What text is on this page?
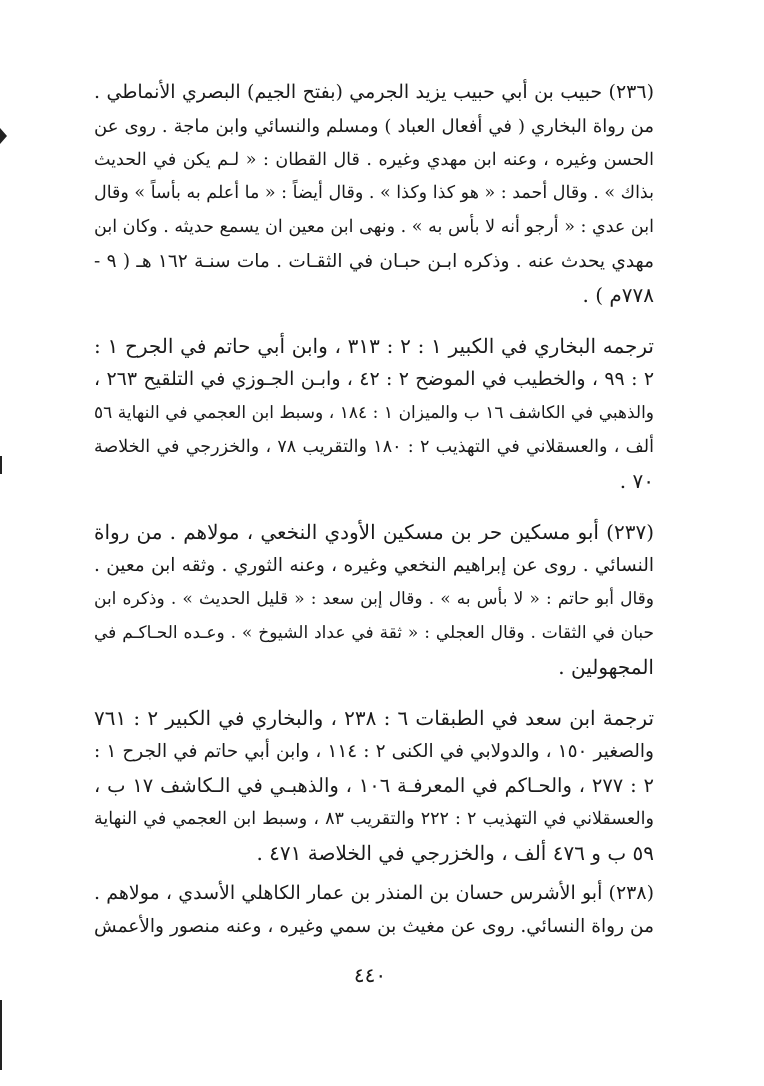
(٢٣٦) حبيب بن أبي حبيب يزيد الجرمي (بفتح الجيم) البصري الأنماطي .
من رواة البخاري ( في أفعال العباد ) ومسلم والنسائي وابن ماجة . روى عن
الحسن وغيره ، وعنه ابن مهدي وغيره . قال القطان : « لـم يكن في الحديث
بذاك » . وقال أحمد : « هو كذا وكذا » . وقال أيضاً : « ما أعلم به بأساً » وقال
ابن عدي : « أرجو أنه لا بأس به » . ونهى ابن معين ان يسمع حديثه . وكان ابن
مهدي يحدث عنه . وذكره ابـن حبـان في الثقـات . مات سنـة ١٦٢ هـ ( ٩ -
٧٧٨م ) .
ترجمه البخاري في الكبير ١ : ٢ : ٣١٣ ، وابن أبي حاتم في الجرح ١ :
٢ : ٩٩ ، والخطيب في الموضح ٢ : ٤٢ ، وابـن الجـوزي في التلقيح ٢٦٣ ،
والذهبي في الكاشف ١٦ ب والميزان ١ : ١٨٤ ، وسبط ابن العجمي في النهاية ٥٦
ألف ، والعسقلاني في التهذيب ٢ : ١٨٠ والتقريب ٧٨ ، والخزرجي في الخلاصة
٧٠ .
(٢٣٧) أبو مسكين حر بن مسكين الأودي النخعي ، مولاهم . من رواة
النسائي . روى عن إبراهيم النخعي وغيره ، وعنه الثوري . وثقه ابن معين .
وقال أبو حاتم : « لا بأس به » . وقال إبن سعد : « قليل الحديث » . وذكره ابن
حبان في الثقات . وقال العجلي : « ثقة في عداد الشيوخ » . وعـده الحـاكـم في
المجهولين .
ترجمة ابن سعد في الطبقات ٦ : ٢٣٨ ، والبخاري في الكبير ٢ : ٧٦١
والصغير ١٥٠ ، والدولابي في الكنى ٢ : ١١٤ ، وابن أبي حاتم في الجرح ١ :
٢ : ٢٧٧ ، والحـاكم في المعرفـة ١٠٦ ، والذهبـي في الـكاشف ١٧ ب ،
والعسقلاني في التهذيب ٢ : ٢٢٢ والتقريب ٨٣ ، وسبط ابن العجمي في النهاية
٥٩ ب و ٤٧٦ ألف ، والخزرجي في الخلاصة ٤٧١ .
(٢٣٨) أبو الأشرس حسان بن المنذر بن عمار الكاهلي الأسدي ، مولاهم .
من رواة النسائي. روى عن مغيث بن سمي وغيره ، وعنه منصور والأعمش
٤٤٠
